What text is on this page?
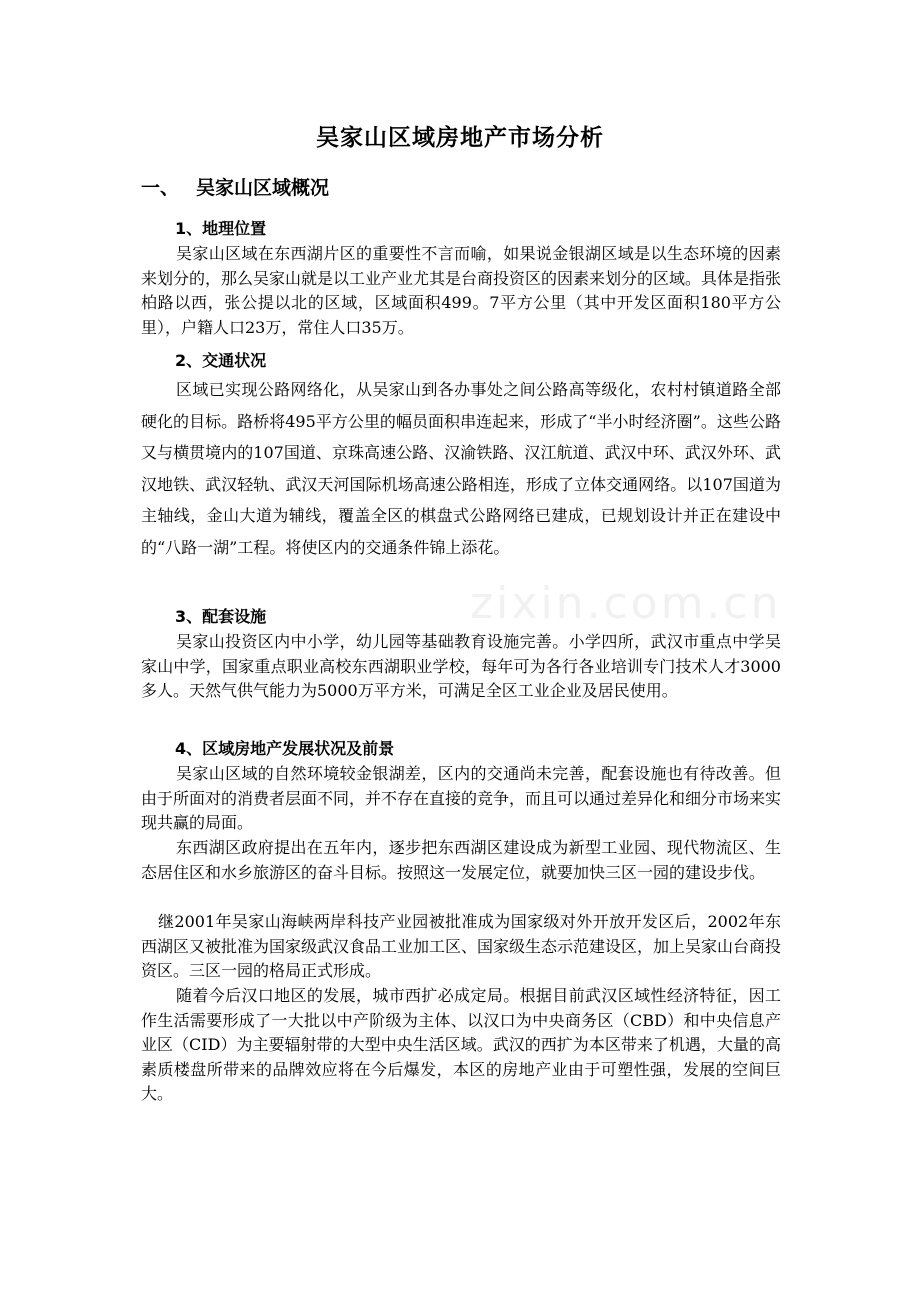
zixin.com.cn
吴家山区域房地产市场分析
一、 吴家山区域概况
1、地理位置
吴家山区域在东西湖片区的重要性不言而喻，如果说金银湖区域是以生态环境的因素来划分的，那么吴家山就是以工业产业尤其是台商投资区的因素来划分的区域。具体是指张柏路以西，张公提以北的区域，区域面积499。7平方公里（其中开发区面积180平方公里），户籍人口23万，常住人口35万。
2、交通状况
区域已实现公路网络化，从吴家山到各办事处之间公路高等级化，农村村镇道路全部硬化的目标。路桥将495平方公里的幅员面积串连起来，形成了“半小时经济圈”。这些公路又与横贯境内的107国道、京珠高速公路、汉渝铁路、汉江航道、武汉中环、武汉外环、武汉地铁、武汉轻轨、武汉天河国际机场高速公路相连，形成了立体交通网络。以107国道为主轴线，金山大道为辅线，覆盖全区的棋盘式公路网络已建成，已规划设计并正在建设中的“八路一湖”工程。将使区内的交通条件锦上添花。
3、配套设施
吴家山投资区内中小学，幼儿园等基础教育设施完善。小学四所，武汉市重点中学吴家山中学，国家重点职业高校东西湖职业学校，每年可为各行各业培训专门技术人才3000多人。天然气供气能力为5000万平方米，可满足全区工业企业及居民使用。
4、区域房地产发展状况及前景
吴家山区域的自然环境较金银湖差，区内的交通尚未完善，配套设施也有待改善。但由于所面对的消费者层面不同，并不存在直接的竞争，而且可以通过差异化和细分市场来实现共赢的局面。
东西湖区政府提出在五年内，逐步把东西湖区建设成为新型工业园、现代物流区、生态居住区和水乡旅游区的奋斗目标。按照这一发展定位，就要加快三区一园的建设步伐。
继2001年吴家山海峡两岸科技产业园被批准成为国家级对外开放开发区后，2002年东西湖区又被批准为国家级武汉食品工业加工区、国家级生态示范建设区，加上吴家山台商投资区。三区一园的格局正式形成。
随着今后汉口地区的发展，城市西扩必成定局。根据目前武汉区域性经济特征，因工作生活需要形成了一大批以中产阶级为主体、以汉口为中央商务区（CBD）和中央信息产业区（CID）为主要辐射带的大型中央生活区域。武汉的西扩为本区带来了机遇，大量的高素质楼盘所带来的品牌效应将在今后爆发，本区的房地产业由于可塑性强，发展的空间巨大。
